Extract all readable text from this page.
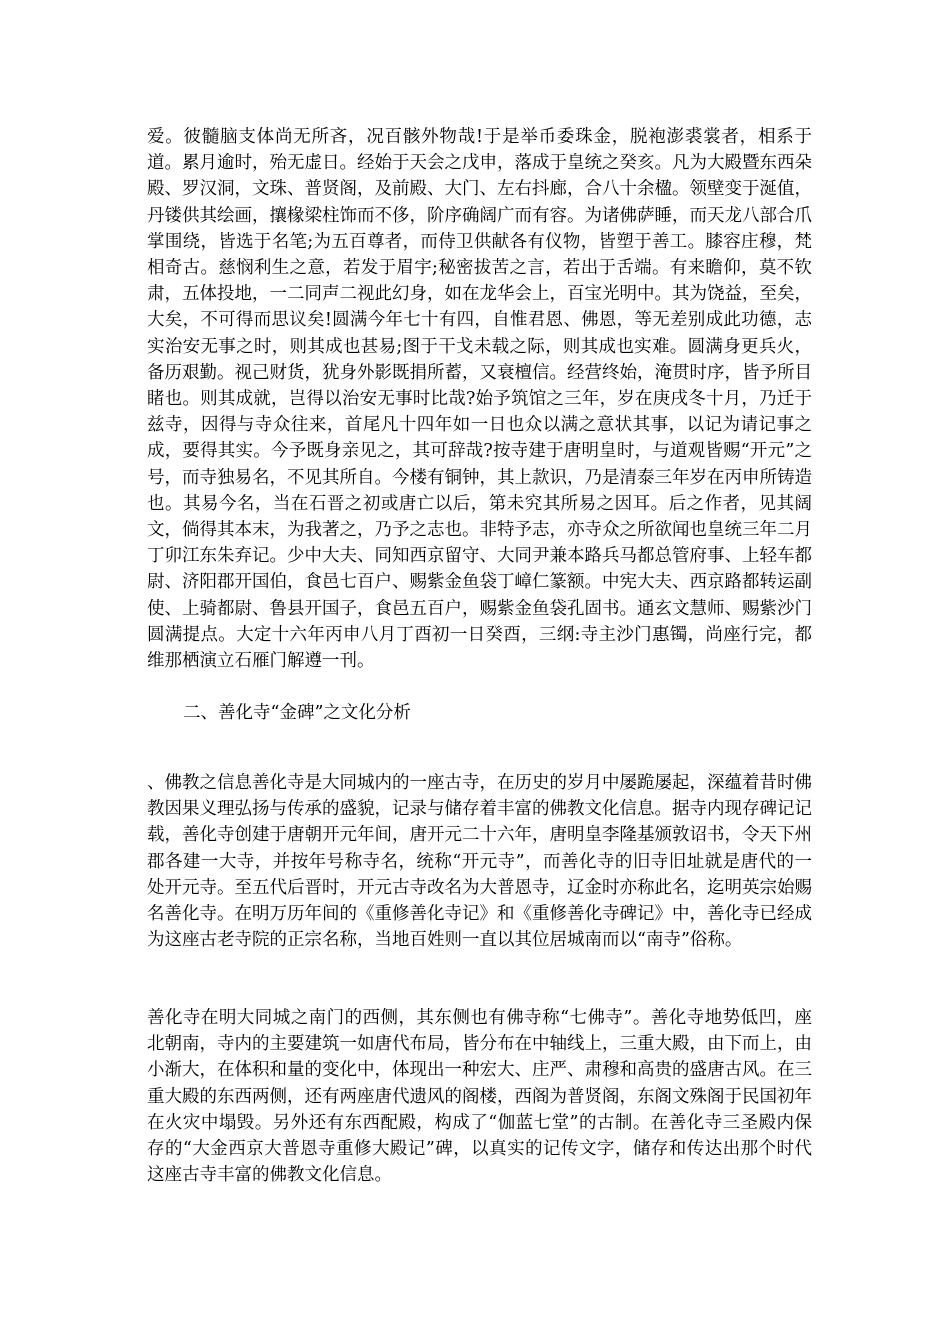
爱。彼髓脑支体尚无所吝，况百骸外物哉!于是举币委珠金，脱袍澎裘裳者，相系于道。累月逾时，殆无虚日。经始于天会之戊申，落成于皇统之癸亥。凡为大殿暨东西朵殿、罗汉洞，文珠、普贤阁，及前殿、大门、左右抖廊，合八十余楹。领壁变于涎值，丹镂供其绘画，攘椽梁柱饰而不侈，阶序确阔广而有容。为诸佛萨睡，而天龙八部合爪掌围绕，皆选于名笔;为五百尊者，而侍卫供献各有仪物，皆塑于善工。膝容庄穆，梵相奇古。慈悯利生之意，若发于眉宇;秘密拔苦之言，若出于舌端。有来瞻仰，莫不钦肃，五体投地，一二同声二视此幻身，如在龙华会上，百宝光明中。其为饶益，至矣，大矣，不可得而思议矣!圆满今年七十有四，自惟君恩、佛恩，等无差别成此功德，志实治安无事之时，则其成也甚易;图于干戈未载之际，则其成也实难。圆满身更兵火，备历艰勤。视己财货，犹身外影既捐所蓄，又衰檀信。经营终始，淹贯时序，皆予所目睹也。则其成就，岂得以治安无事时比哉?始予筑馆之三年，岁在庚戌冬十月，乃迁于兹寺，因得与寺众往来，首尾凡十四年如一日也众以满之意状其事，以记为请记事之成，要得其实。今予既身亲见之，其可辞哉?按寺建于唐明皇时，与道观皆赐“开元”之号，而寺独易名，不见其所自。今楼有铜钟，其上款识，乃是清泰三年岁在丙申所铸造也。其易今名，当在石晋之初或唐亡以后，第未究其所易之因耳。后之作者，见其阔文，倘得其本末，为我著之，乃予之志也。非特予志，亦寺众之所欲闻也皇统三年二月丁卯江东朱弃记。少中大夫、同知西京留守、大同尹兼本路兵马都总管府事、上轻车都尉、济阳郡开国伯，食邑七百户、赐紫金鱼袋丁嶂仁篆额。中宪大夫、西京路都转运副使、上骑都尉、鲁县开国子，食邑五百户，赐紫金鱼袋孔固书。通玄文慧师、赐紫沙门圆满提点。大定十六年丙申八月丁酉初一日癸酉，三纲:寺主沙门惠镯，尚座行完，都维那栖演立石雁门解遵一刊。

二、善化寺“金碑”之文化分析

、佛教之信息善化寺是大同城内的一座古寺，在历史的岁月中屡跪屡起，深蕴着昔时佛教因果义理弘扬与传承的盛貌，记录与储存着丰富的佛教文化信息。据寺内现存碑记记载，善化寺创建于唐朝开元年间，唐开元二十六年，唐明皇李隆基颁敦诏书，令天下州郡各建一大寺，并按年号称寺名，统称“开元寺”，而善化寺的旧寺旧址就是唐代的一处开元寺。至五代后晋时，开元古寺改名为大普恩寺，辽金时亦称此名，迄明英宗始赐名善化寺。在明万历年间的《重修善化寺记》和《重修善化寺碑记》中，善化寺已经成为这座古老寺院的正宗名称，当地百姓则一直以其位居城南而以“南寺”俗称。

善化寺在明大同城之南门的西侧，其东侧也有佛寺称“七佛寺”。善化寺地势低凹，座北朝南，寺内的主要建筑一如唐代布局，皆分布在中轴线上，三重大殿，由下而上，由小渐大，在体积和量的变化中，体现出一种宏大、庄严、肃穆和高贵的盛唐古风。在三重大殿的东西两侧，还有两座唐代遗风的阁楼，西阁为普贤阁，东阁文殊阁于民国初年在火灾中塌毁。另外还有东西配殿，构成了“伽蓝七堂”的古制。在善化寺三圣殿内保存的“大金西京大普恩寺重修大殿记”碑，以真实的记传文字，储存和传达出那个时代这座古寺丰富的佛教文化信息。
